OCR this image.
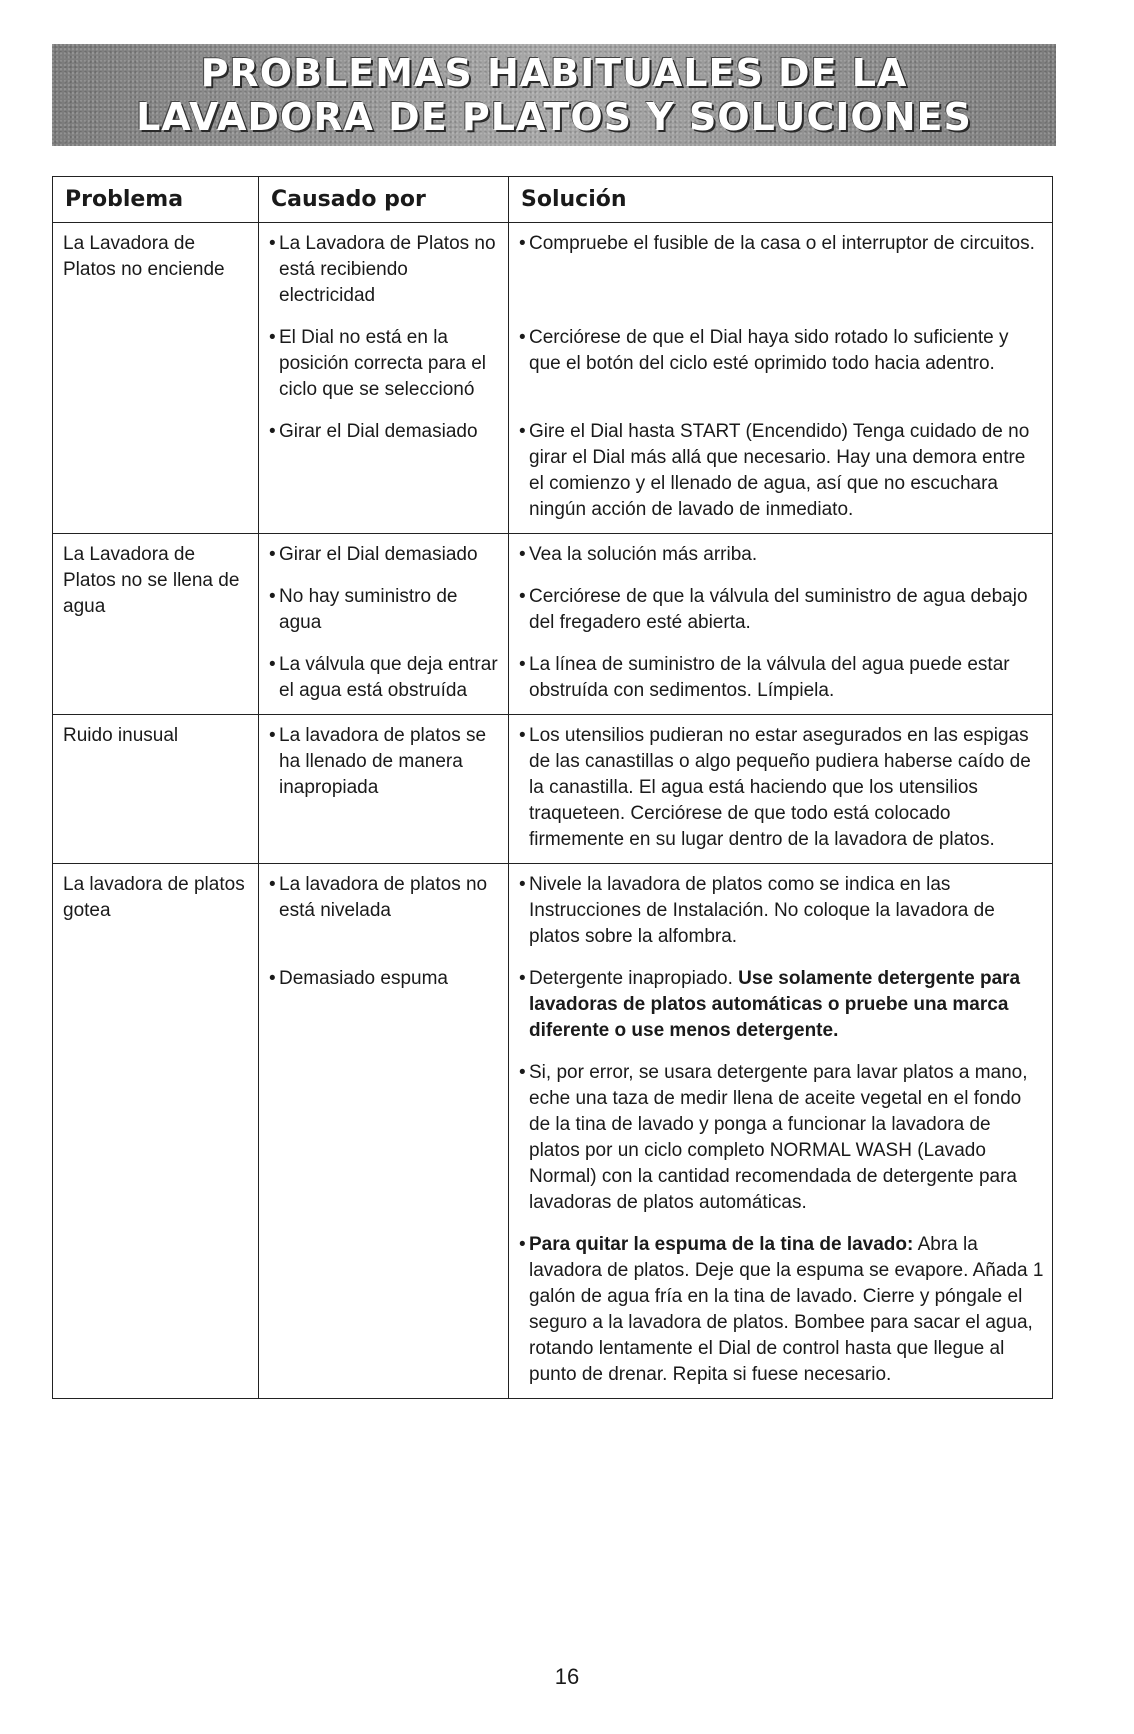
PROBLEMAS HABITUALES DE LA LAVADORA DE PLATOS Y SOLUCIONES
Problema	Causado por	Solución
La Lavadora de Platos no enciende	• La Lavadora de Platos no está recibiendo electricidad	• Compruebe el fusible de la casa o el interruptor de circuitos.

	• El Dial no está en la posición correcta para el ciclo que se seleccionó	• Cerciórese de que el Dial haya sido rotado lo suficiente y que el botón del ciclo esté oprimido todo hacia adentro.

	• Girar el Dial demasiado	• Gire el Dial hasta START (Encendido) Tenga cuidado de no girar el Dial más allá que necesario. Hay una demora entre el comienzo y el llenado de agua, así que no escuchara ningún acción de lavado de inmediato.

La Lavadora de Platos no se llena de agua	• Girar el Dial demasiado	• Vea la solución más arriba.

	• No hay suministro de agua	• Cerciórese de que la válvula del suministro de agua debajo del fregadero esté abierta.

	• La válvula que deja entrar el agua está obstruída	• La línea de suministro de la válvula del agua puede estar obstruída con sedimentos. Límpiela.

Ruido inusual	• La lavadora de platos se ha llenado de manera inapropiada	• Los utensilios pudieran no estar asegurados en las espigas de las canastillas o algo pequeño pudiera haberse caído de la canastilla. El agua está haciendo que los utensilios traqueteen. Cerciórese de que todo está colocado firmemente en su lugar dentro de la lavadora de platos.

La lavadora de platos gotea	• La lavadora de platos no está nivelada	• Nivele la lavadora de platos como se indica en las Instrucciones de Instalación. No coloque la lavadora de platos sobre la alfombra.

	• Demasiado espuma	• Detergente inapropiado. Use solamente detergente para lavadoras de platos automáticas o pruebe una marca diferente o use menos detergente.

		• Si, por error, se usara detergente para lavar platos a mano, eche una taza de medir llena de aceite vegetal en el fondo de la tina de lavado y ponga a funcionar la lavadora de platos por un ciclo completo NORMAL WASH (Lavado Normal) con la cantidad recomendada de detergente para lavadoras de platos automáticas.

		• Para quitar la espuma de la tina de lavado: Abra la lavadora de platos. Deje que la espuma se evapore. Añada 1 galón de agua fría en la tina de lavado. Cierre y póngale el seguro a la lavadora de platos. Bombee para sacar el agua, rotando lentamente el Dial de control hasta que llegue al punto de drenar. Repita si fuese necesario.
16
